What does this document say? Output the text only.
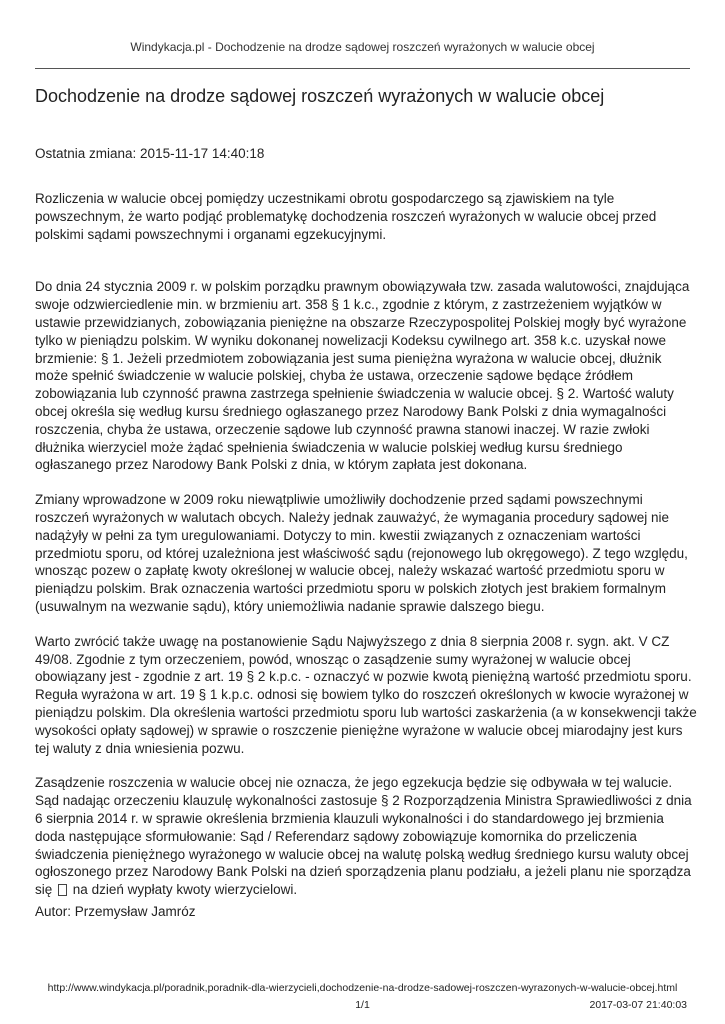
Windykacja.pl - Dochodzenie na drodze sądowej roszczeń wyrażonych w walucie obcej
Dochodzenie na drodze sądowej roszczeń wyrażonych w walucie obcej
Ostatnia zmiana: 2015-11-17 14:40:18

Rozliczenia w walucie obcej pomiędzy uczestnikami obrotu gospodarczego są zjawiskiem na tyle powszechnym, że warto podjąć problematykę dochodzenia roszczeń wyrażonych w walucie obcej przed polskimi sądami powszechnymi i organami egzekucyjnymi.

Do dnia 24 stycznia 2009 r. w polskim porządku prawnym obowiązywała tzw. zasada walutowości, znajdująca swoje odzwierciedlenie min. w brzmieniu art. 358 § 1 k.c., zgodnie z którym, z zastrzeżeniem wyjątków w ustawie przewidzianych, zobowiązania pieniężne na obszarze Rzeczypospolitej Polskiej mogły być wyrażone tylko w pieniądzu polskim. W wyniku dokonanej nowelizacji Kodeksu cywilnego art. 358 k.c. uzyskał nowe brzmienie: § 1. Jeżeli przedmiotem zobowiązania jest suma pieniężna wyrażona w walucie obcej, dłużnik może spełnić świadczenie w walucie polskiej, chyba że ustawa, orzeczenie sądowe będące źródłem zobowiązania lub czynność prawna zastrzega spełnienie świadczenia w walucie obcej. § 2. Wartość waluty obcej określa się według kursu średniego ogłaszanego przez Narodowy Bank Polski z dnia wymagalności roszczenia, chyba że ustawa, orzeczenie sądowe lub czynność prawna stanowi inaczej. W razie zwłoki dłużnika wierzyciel może żądać spełnienia świadczenia w walucie polskiej według kursu średniego ogłaszanego przez Narodowy Bank Polski z dnia, w którym zapłata jest dokonana.

Zmiany wprowadzone w 2009 roku niewątpliwie umożliwiły dochodzenie przed sądami powszechnymi roszczeń wyrażonych w walutach obcych. Należy jednak zauważyć, że wymagania procedury sądowej nie nadążyły w pełni za tym uregulowaniami. Dotyczy to min. kwestii związanych z oznaczeniam wartości przedmiotu sporu, od której uzależniona jest właściwość sądu (rejonowego lub okręgowego). Z tego względu, wnosząc pozew o zapłatę kwoty określonej w walucie obcej, należy wskazać wartość przedmiotu sporu w pieniądzu polskim. Brak oznaczenia wartości przedmiotu sporu w polskich złotych jest brakiem formalnym (usuwalnym na wezwanie sądu), który uniemożliwia nadanie sprawie dalszego biegu.

Warto zwrócić także uwagę na postanowienie Sądu Najwyższego z dnia 8 sierpnia 2008 r. sygn. akt. V CZ 49/08. Zgodnie z tym orzeczeniem, powód, wnosząc o zasądzenie sumy wyrażonej w walucie obcej obowiązany jest - zgodnie z art. 19 § 2 k.p.c. - oznaczyć w pozwie kwotą pieniężną wartość przedmiotu sporu. Reguła wyrażona w art. 19 § 1 k.p.c. odnosi się bowiem tylko do roszczeń określonych w kwocie wyrażonej w pieniądzu polskim. Dla określenia wartości przedmiotu sporu lub wartości zaskarżenia (a w konsekwencji także wysokości opłaty sądowej) w sprawie o roszczenie pieniężne wyrażone w walucie obcej miarodajny jest kurs tej waluty z dnia wniesienia pozwu.

Zasądzenie roszczenia w walucie obcej nie oznacza, że jego egzekucja będzie się odbywała w tej walucie. Sąd nadając orzeczeniu klauzulę wykonalności zastosuje § 2 Rozporządzenia Ministra Sprawiedliwości z dnia 6 sierpnia 2014 r. w sprawie określenia brzmienia klauzuli wykonalności i do standardowego jej brzmienia doda następujące sformułowanie: Sąd / Referendarz sądowy zobowiązuje komornika do przeliczenia świadczenia pieniężnego wyrażonego w walucie obcej na walutę polską według średniego kursu waluty obcej ogłoszonego przez Narodowy Bank Polski na dzień sporządzenia planu podziału, a jeżeli planu nie sporządza się na dzień wypłaty kwoty wierzycielowi.

Autor: Przemysław Jamróz
http://www.windykacja.pl/poradnik,poradnik-dla-wierzycieli,dochodzenie-na-drodze-sadowej-roszczen-wyrazonych-w-walucie-obcej.html
1/1	2017-03-07 21:40:03
